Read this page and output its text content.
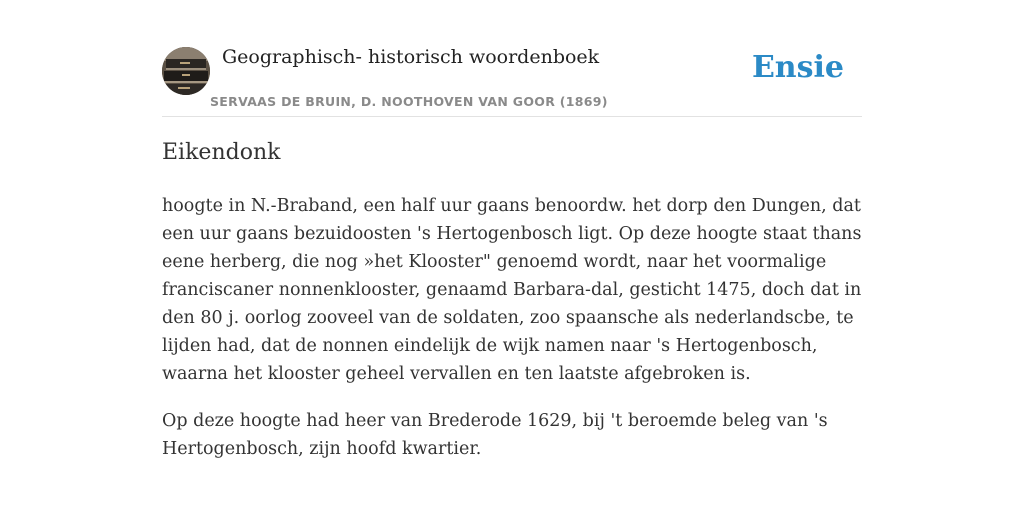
Geographisch- historisch woordenboek
SERVAAS DE BRUIN, D. NOOTHOVEN VAN GOOR (1869)
Ensie
Eikendonk

hoogte in N.-Braband, een half uur gaans benoordw. het dorp den Dungen, dat een uur gaans bezuidoosten 's Hertogenbosch ligt. Op deze hoogte staat thans eene herberg, die nog »het Klooster" genoemd wordt, naar het voormalige franciscaner nonnenklooster, genaamd Barbara-dal, gesticht 1475, doch dat in den 80 j. oorlog zooveel van de soldaten, zoo spaansche als nederlandscbe, te lijden had, dat de nonnen eindelijk de wijk namen naar 's Hertogenbosch, waarna het klooster geheel vervallen en ten laatste afgebroken is.

Op deze hoogte had heer van Brederode 1629, bij 't beroemde beleg van 's Hertogenbosch, zijn hoofd kwartier.
